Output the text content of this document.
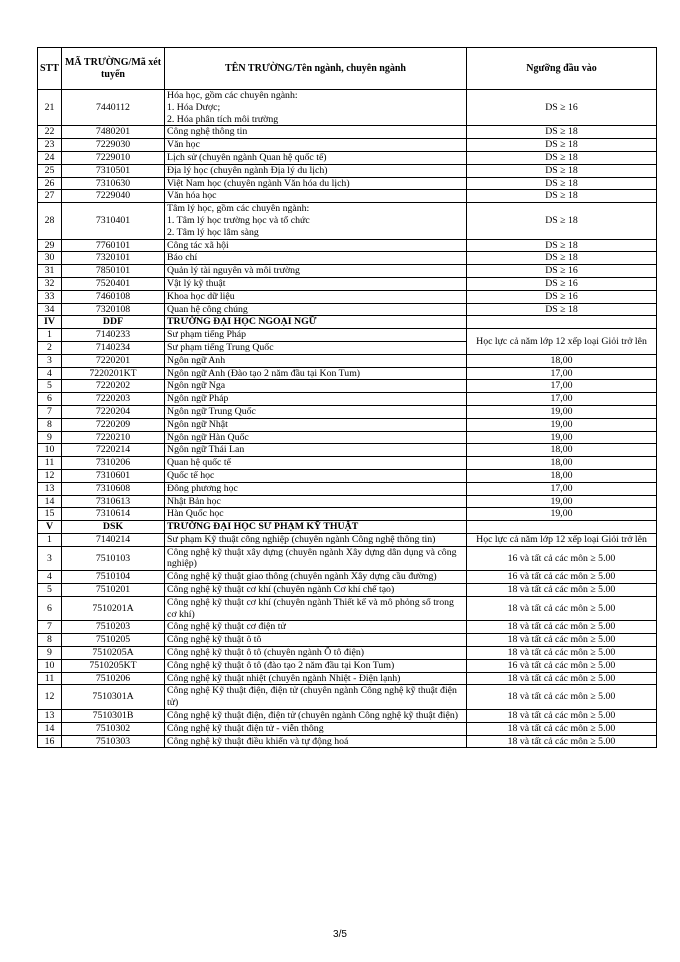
STT	MÃ TRƯỜNG/Mã xét tuyển	TÊN TRƯỜNG/Tên ngành, chuyên ngành	Ngưỡng đầu vào
21	7440112	Hóa học, gồm các chuyên ngành:
1. Hóa Dược;
2. Hóa phân tích môi trường	DS ≥ 16
22	7480201	Công nghệ thông tin	DS ≥ 18
23	7229030	Văn học	DS ≥ 18
24	7229010	Lịch sử (chuyên ngành Quan hệ quốc tế)	DS ≥ 18
25	7310501	Địa lý học (chuyên ngành Địa lý du lịch)	DS ≥ 18
26	7310630	Việt Nam học (chuyên ngành Văn hóa du lịch)	DS ≥ 18
27	7229040	Văn hóa học	DS ≥ 18
28	7310401	Tâm lý học, gồm các chuyên ngành:
1. Tâm lý học trường học và tổ chức
2. Tâm lý học lâm sàng	DS ≥ 18
29	7760101	Công tác xã hội	DS ≥ 18
30	7320101	Báo chí	DS ≥ 18
31	7850101	Quản lý tài nguyên và môi trường	DS ≥ 16
32	7520401	Vật lý kỹ thuật	DS ≥ 16
33	7460108	Khoa học dữ liệu	DS ≥ 16
34	7320108	Quan hệ công chúng	DS ≥ 18
IV	DDF	TRƯỜNG ĐẠI HỌC NGOẠI NGỮ	
1	7140233	Sư phạm tiếng Pháp	Học lực cả năm lớp 12 xếp loại Giỏi trở lên
2	7140234	Sư phạm tiếng Trung Quốc	
3	7220201	Ngôn ngữ Anh	18,00
4	7220201KT	Ngôn ngữ Anh (Đào tạo 2 năm đầu tại Kon Tum)	17,00
5	7220202	Ngôn ngữ Nga	17,00
6	7220203	Ngôn ngữ Pháp	17,00
7	7220204	Ngôn ngữ Trung Quốc	19,00
8	7220209	Ngôn ngữ Nhật	19,00
9	7220210	Ngôn ngữ Hàn Quốc	19,00
10	7220214	Ngôn ngữ Thái Lan	18,00
11	7310206	Quan hệ quốc tế	18,00
12	7310601	Quốc tế học	18,00
13	7310608	Đông phương học	17,00
14	7310613	Nhật Bản học	19,00
15	7310614	Hàn Quốc học	19,00
V	DSK	TRƯỜNG ĐẠI HỌC SƯ PHẠM KỸ THUẬT	
1	7140214	Sư phạm Kỹ thuật công nghiệp (chuyên ngành Công nghệ thông tin)	Học lực cả năm lớp 12 xếp loại Giỏi trở lên
3	7510103	Công nghệ kỹ thuật xây dựng (chuyên ngành Xây dựng dân dụng và công nghiệp)	16 và tất cả các môn ≥ 5.00
4	7510104	Công nghệ kỹ thuật giao thông (chuyên ngành Xây dựng cầu đường)	16 và tất cả các môn ≥ 5.00
5	7510201	Công nghệ kỹ thuật cơ khí (chuyên ngành Cơ khí chế tạo)	18 và tất cả các môn ≥ 5.00
6	7510201A	Công nghệ kỹ thuật cơ khí (chuyên ngành Thiết kế và mô phỏng số trong cơ khí)	18 và tất cả các môn ≥ 5.00
7	7510203	Công nghệ kỹ thuật cơ điện tử	18 và tất cả các môn ≥ 5.00
8	7510205	Công nghệ kỹ thuật ô tô	18 và tất cả các môn ≥ 5.00
9	7510205A	Công nghệ kỹ thuật ô tô (chuyên ngành Ô tô điện)	18 và tất cả các môn ≥ 5.00
10	7510205KT	Công nghệ kỹ thuật ô tô (đào tạo 2 năm đầu tại Kon Tum)	16 và tất cả các môn ≥ 5.00
11	7510206	Công nghệ kỹ thuật nhiệt (chuyên ngành Nhiệt - Điện lạnh)	18 và tất cả các môn ≥ 5.00
12	7510301A	Công nghệ Kỹ thuật điện, điện tử (chuyên ngành Công nghệ kỹ thuật điện tử)	18 và tất cả các môn ≥ 5.00
13	7510301B	Công nghệ kỹ thuật điện, điện tử (chuyên ngành Công nghệ kỹ thuật điện)	18 và tất cả các môn ≥ 5.00
14	7510302	Công nghệ kỹ thuật điện tử - viễn thông	18 và tất cả các môn ≥ 5.00
16	7510303	Công nghệ kỹ thuật điều khiển và tự động hoá	18 và tất cả các môn ≥ 5.00
3/5
